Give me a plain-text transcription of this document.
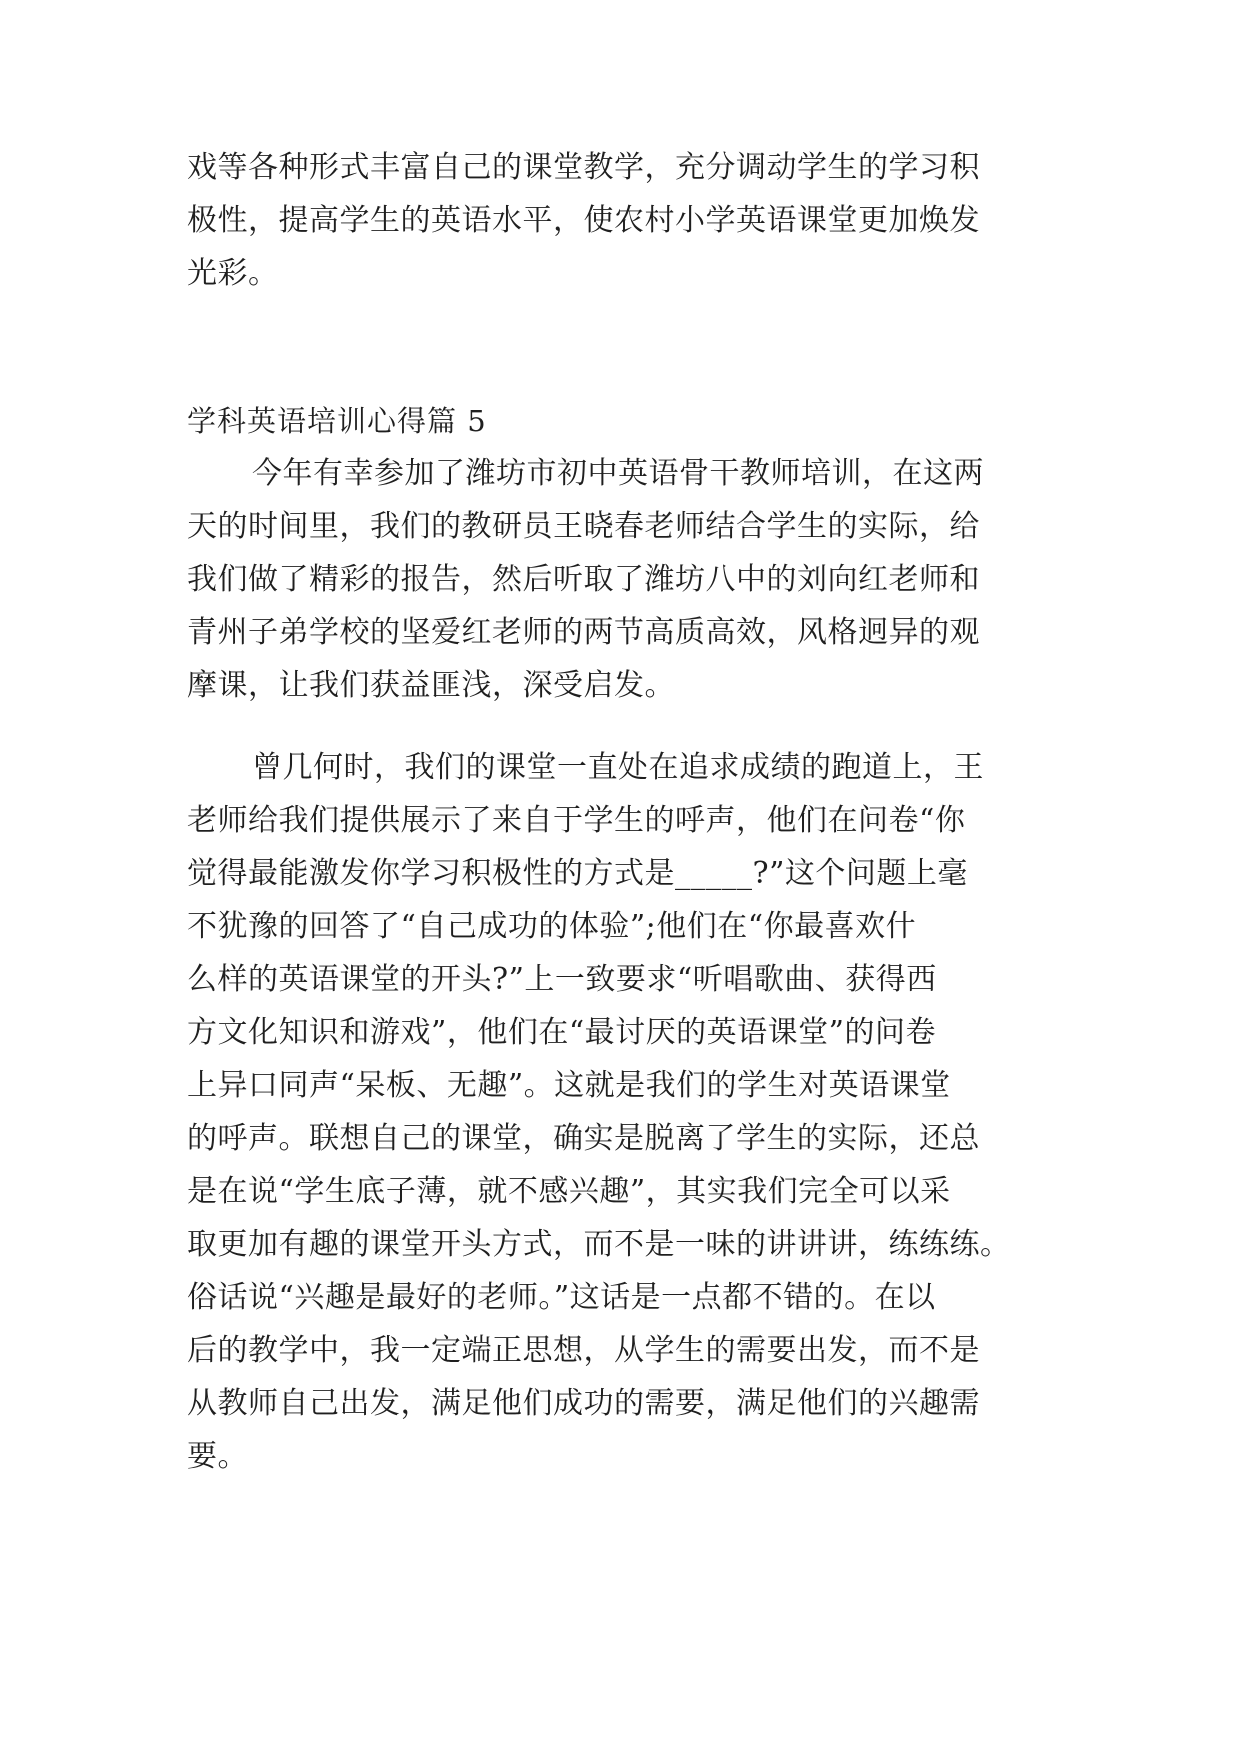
戏等各种形式丰富自己的课堂教学，充分调动学生的学习积
极性，提高学生的英语水平，使农村小学英语课堂更加焕发
光彩。
学科英语培训心得篇 5
今年有幸参加了潍坊市初中英语骨干教师培训，在这两
天的时间里，我们的教研员王晓春老师结合学生的实际，给
我们做了精彩的报告，然后听取了潍坊八中的刘向红老师和
青州子弟学校的坚爱红老师的两节高质高效，风格迥异的观
摩课，让我们获益匪浅，深受启发。
曾几何时，我们的课堂一直处在追求成绩的跑道上，王
老师给我们提供展示了来自于学生的呼声，他们在问卷“你
觉得最能激发你学习积极性的方式是_____?”这个问题上毫
不犹豫的回答了“自己成功的体验”;他们在“你最喜欢什
么样的英语课堂的开头?”上一致要求“听唱歌曲、获得西
方文化知识和游戏”，他们在“最讨厌的英语课堂”的问卷
上异口同声“呆板、无趣”。这就是我们的学生对英语课堂
的呼声。联想自己的课堂，确实是脱离了学生的实际，还总
是在说“学生底子薄，就不感兴趣”，其实我们完全可以采
取更加有趣的课堂开头方式，而不是一味的讲讲讲，练练练。
俗话说“兴趣是最好的老师。”这话是一点都不错的。在以
后的教学中，我一定端正思想，从学生的需要出发，而不是
从教师自己出发，满足他们成功的需要，满足他们的兴趣需
要。
